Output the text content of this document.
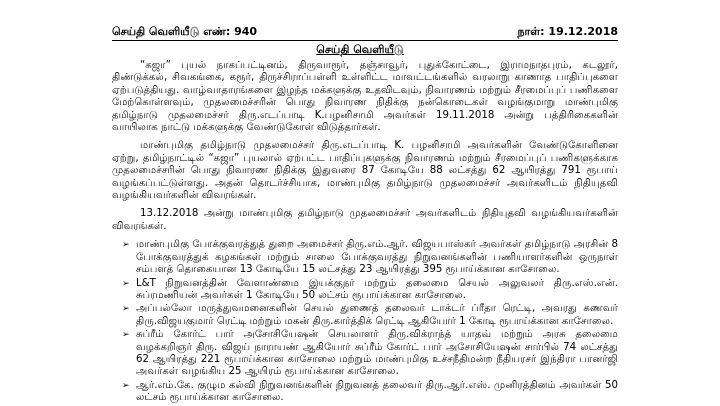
செய்தி வெளியீடு எண்: 940	நாள்: 19.12.2018
செய்தி வெளியீடு

“கஜா” புயல் நாகப்பட்டினம், திருவாரூர், தஞ்சாவூர், புதுக்கோட்டை, இராமநாதபுரம், கடலூர், திண்டுக்கல், சிவகங்கை, கரூர், திருச்சிராப்பள்ளி உள்ளிட்ட மாவட்டங்களில் வரலாறு காணாத பாதிப்புகளை ஏற்படுத்தியது. வாழ்வாதாரங்களை இழந்த மக்களுக்கு உதவிடவும், நிவாரணம் மற்றும் சீரமைப்புப் பணிகளை மேற்கொள்ளவும், முதலமைச்சரின் பொது நிவாரண நிதிக்கு நன்கொடைகள் வழங்குமாறு மாண்புமிகு தமிழ்நாடு முதலமைச்சர் திரு.எடப்பாடி K.பழனிசாமி அவர்கள் 19.11.2018 அன்று பத்திரிகைகளின் வாயிலாக நாட்டு மக்களுக்கு வேண்டுகோள் விடுத்தார்கள்.

மாண்புமிகு தமிழ்நாடு முதலமைச்சர் திரு.எடப்பாடி K. பழனிசாமி அவர்களின் வேண்டுகோளினை ஏற்று, தமிழ்நாட்டில் “கஜா” புயலால் ஏற்பட்ட பாதிப்புகளுக்கு நிவாரணம் மற்றும் சீரமைப்புப் பணிகளுக்காக முதலமைச்சரின் பொது நிவாரண நிதிக்கு இதுவரை 87 கோடியே 88 லட்சத்து 62 ஆயிரத்து 791 ரூபாய் வழங்கப்பட்டுள்ளது. அதன் தொடர்ச்சியாக, மாண்புமிகு தமிழ்நாடு முதலமைச்சர் அவர்களிடம் நிதியுதவி வழங்கியவர்களின் விவரங்கள்.

13.12.2018 அன்று மாண்புமிகு தமிழ்நாடு முதலமைச்சர் அவர்களிடம் நிதியுதவி வழங்கியவர்களின் விவரங்கள்.

➢ மாண்புமிகு போக்குவரத்துத் துறை அமைச்சர் திரு.எம்.ஆர். விஜயபாஸ்கர் அவர்கள் தமிழ்நாடு அரசின் 8 போக்குவரத்துக் கழகங்கள் மற்றும் சாலை போக்குவரத்து நிறுவனங்களின் பணியாளர்களின் ஒருநாள் சம்பளத் தொகையான 13 கோடியே 15 லட்சத்து 23 ஆயிரத்து 395 ரூபாய்க்கான காசோலை.
➢ L&T நிறுவனத்தின் வேளாண்மை இயக்குநர் மற்றும் தலைமை செயல் அலுவலர் திரு.எஸ்.என். சுப்ரமணியன் அவர்கள் 1 கோடியே 50 லட்சம் ரூபாய்க்கான காசோலை.
➢ அப்பல்லோ மருத்துவமனைகளின் செயல் துணைத் தலைவர் டாக்டர் ப்ரீதா ரெட்டி, அவரது கணவர் திரு.விஜயகுமார் ரெட்டி மற்றும் மகன் திரு.கார்த்திக் ரெட்டி ஆகியோர் 1 கோடி ரூபாய்க்கான காசோலை.
➢ சுப்ரீம் கோர்ட் பார் அசோசியேஷன் செயலாளர் திரு.விக்ராந்த் யாதவ் மற்றும் அரசு தலைமை வழக்கறிஞர் திரு. விஜய் நாராயண் ஆகியோர் சுப்ரீம் கோர்ட் பார் அசோசியேஷன் சார்பில் 74 லட்சத்து 62 ஆயிரத்து 221 ரூபாய்க்கான காசோலை மற்றும் மாண்புமிகு உச்சநீதிமன்ற நீதியரசர் இந்திரா பானர்ஜி அவர்கள் வழங்கிய 25 ஆயிரம் ரூபாய்க்கான காசோலை.
➢ ஆர்.எம்.கே. குழும கல்வி நிறுவனங்களின் நிறுவனத் தலைவர் திரு.ஆர்.எஸ். முனிரத்தினம் அவர்கள் 50 லட்சம் ரூபாய்க்கான காசோலை.
